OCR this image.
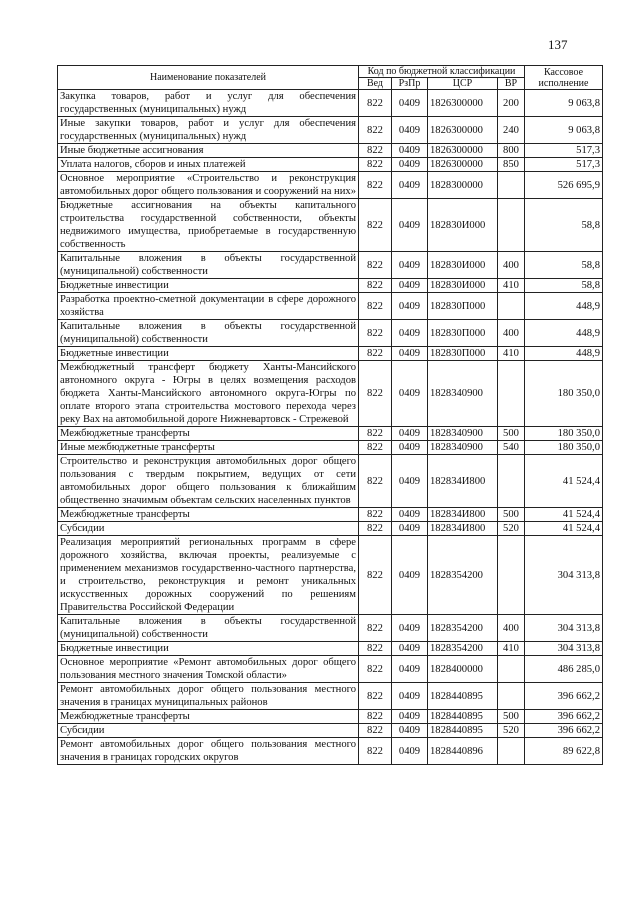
137
Наименование показателей	Код по бюджетной классификации				Кассовое
исполнение

	Вед	РзПр	ЦСР	ВР	
Закупка товаров, работ и услуг для обеспечения государственных (муниципальных) нужд	822	0409	1826300000	200	9 063,8
Иные закупки товаров, работ и услуг для обеспечения государственных (муниципальных) нужд	822	0409	1826300000	240	9 063,8
Иные бюджетные ассигнования	822	0409	1826300000	800	517,3
Уплата налогов, сборов и иных платежей	822	0409	1826300000	850	517,3
Основное мероприятие «Строительство и реконструкция автомобильных дорог общего пользования и сооружений на них»	822	0409	1828300000		526 695,9
Бюджетные ассигнования на объекты капитального строительства государственной собственности, объекты недвижимого имущества, приобретаемые в государственную собственность	822	0409	182830И000		58,8
Капитальные вложения в объекты государственной (муниципальной) собственности	822	0409	182830И000	400	58,8
Бюджетные инвестиции	822	0409	182830И000	410	58,8
Разработка проектно-сметной документации в сфере дорожного хозяйства	822	0409	182830П000		448,9
Капитальные вложения в объекты государственной (муниципальной) собственности	822	0409	182830П000	400	448,9
Бюджетные инвестиции	822	0409	182830П000	410	448,9
Межбюджетный трансферт бюджету Ханты-Мансийского автономного округа - Югры в целях возмещения расходов бюджета Ханты-Мансийского автономного округа-Югры по оплате второго этапа строительства мостового перехода через реку Вах на автомобильной дороге Нижневартовск - Стрежевой	822	0409	1828340900		180 350,0
Межбюджетные трансферты	822	0409	1828340900	500	180 350,0
Иные межбюджетные трансферты	822	0409	1828340900	540	180 350,0
Строительство и реконструкция автомобильных дорог общего пользования с твердым покрытием, ведущих от сети автомобильных дорог общего пользования к ближайшим общественно значимым объектам сельских населенных пунктов	822	0409	182834И800		41 524,4
Межбюджетные трансферты	822	0409	182834И800	500	41 524,4
Субсидии	822	0409	182834И800	520	41 524,4
Реализация мероприятий региональных программ в сфере дорожного хозяйства, включая проекты, реализуемые с применением механизмов государственно-частного партнерства, и строительство, реконструкция и ремонт уникальных искусственных дорожных сооружений по решениям Правительства Российской Федерации	822	0409	1828354200		304 313,8
Капитальные вложения в объекты государственной (муниципальной) собственности	822	0409	1828354200	400	304 313,8
Бюджетные инвестиции	822	0409	1828354200	410	304 313,8
Основное мероприятие «Ремонт автомобильных дорог общего пользования местного значения Томской области»	822	0409	1828400000		486 285,0
Ремонт автомобильных дорог общего пользования местного значения в границах муниципальных районов	822	0409	1828440895		396 662,2
Межбюджетные трансферты	822	0409	1828440895	500	396 662,2
Субсидии	822	0409	1828440895	520	396 662,2
Ремонт автомобильных дорог общего пользования местного значения в границах городских округов	822	0409	1828440896		89 622,8
